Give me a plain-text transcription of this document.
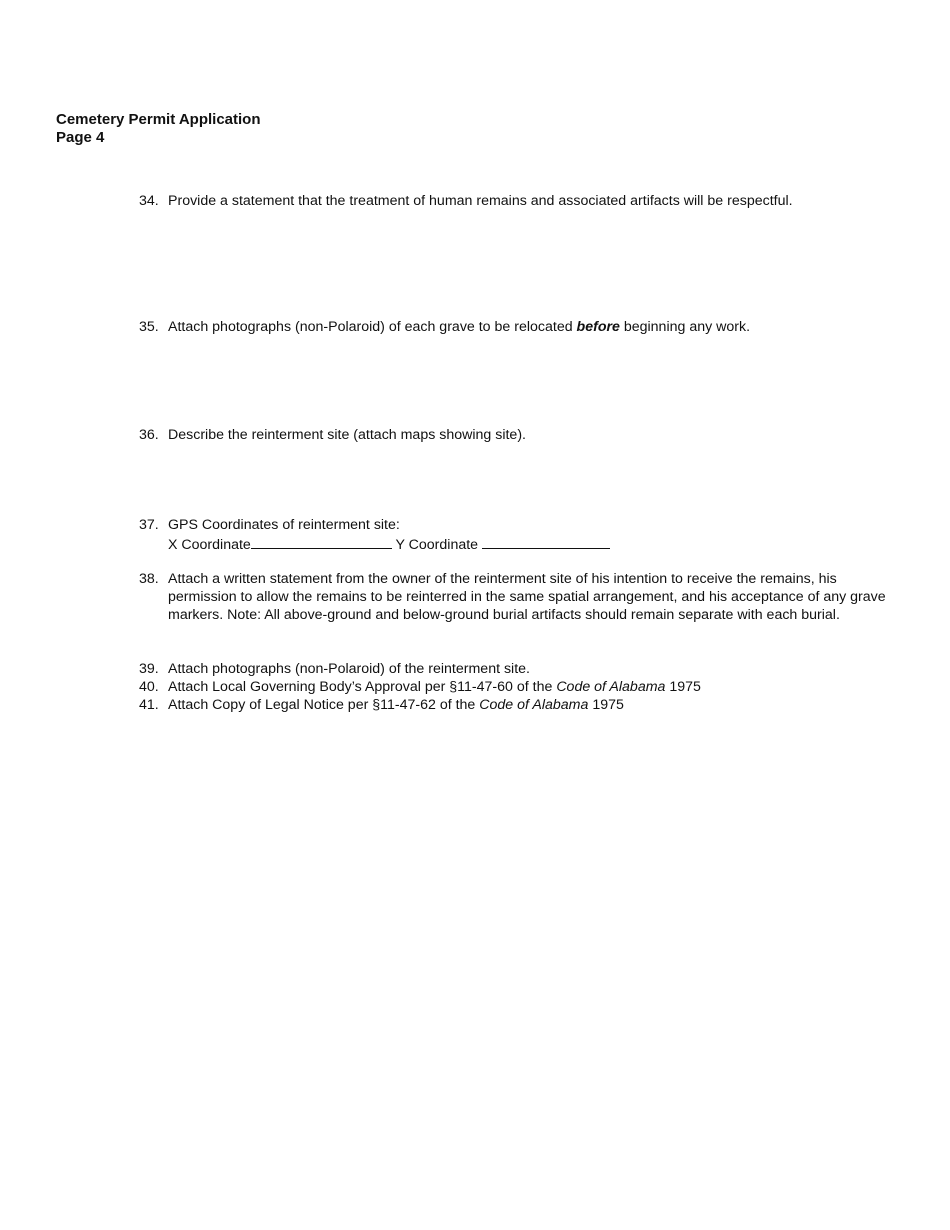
Cemetery Permit Application
Page 4
34. Provide a statement that the treatment of human remains and associated artifacts will be respectful.
35. Attach photographs (non-Polaroid) of each grave to be relocated before beginning any work.
36. Describe the reinterment site (attach maps showing site).
37. GPS Coordinates of reinterment site:
X Coordinate	Y Coordinate
38. Attach a written statement from the owner of the reinterment site of his intention to receive the remains, his permission to allow the remains to be reinterred in the same spatial arrangement, and his acceptance of any grave markers. Note: All above-ground and below-ground burial artifacts should remain separate with each burial.
39. Attach photographs (non-Polaroid) of the reinterment site.
40. Attach Local Governing Body’s Approval per §11-47-60 of the Code of Alabama 1975
41. Attach Copy of Legal Notice per §11-47-62 of the Code of Alabama 1975
